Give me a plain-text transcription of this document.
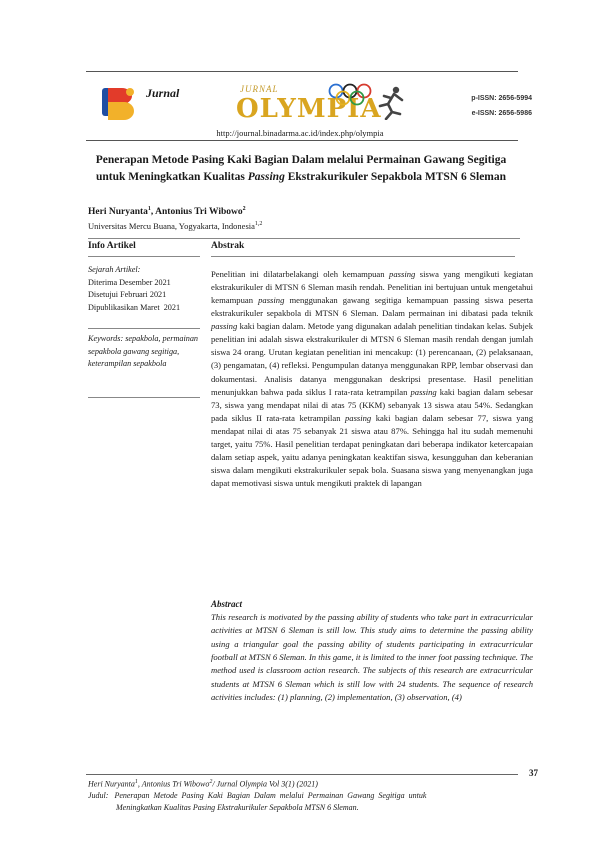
Jurnal	JURNAL
OLYMPIA	p-ISSN: 2656-5994
e-ISSN: 2656-5986
http://journal.binadarma.ac.id/index.php/olympia
Penerapan Metode Pasing Kaki Bagian Dalam melalui Permainan Gawang Segitiga
untuk Meningkatkan Kualitas Passing Ekstrakurikuler Sepakbola MTSN 6 Sleman
Heri Nuryanta$^1$, Antonius Tri Wibowo$^2$
Universitas Mercu Buana, Yogyakarta, Indonesia$^{1,2}$
Info Artikel	Abstrak
Sejarah Artikel:
Diterima Desember 2021
Disetujui Februari 2021
Dipublikasikan Maret  2021
Keywords: sepakbola, permainan sepakbola gawang segitiga, keterampilan sepakbola
Penelitian ini dilatarbelakangi oleh kemampuan passing siswa yang mengikuti kegiatan ekstrakurikuler di MTSN 6 Sleman masih rendah. Penelitian ini bertujuan untuk mengetahui kemampuan passing menggunakan gawang segitiga kemampuan passing siswa peserta ekstrakurikuler sepakbola di MTSN 6 Sleman. Dalam permainan ini dibatasi pada teknik passing kaki bagian dalam. Metode yang digunakan adalah penelitian tindakan kelas. Subjek penelitian ini adalah siswa ekstrakurikuler di MTSN 6 Sleman masih rendah dengan jumlah siswa 24 orang. Urutan kegiatan penelitian ini mencakup: (1) perencanaan, (2) pelaksanaan, (3) pengamatan, (4) refleksi. Pengumpulan datanya menggunakan RPP, lembar observasi dan dokumentasi. Analisis datanya menggunakan deskripsi presentase. Hasil penelitian menunjukkan bahwa pada siklus I rata-rata ketrampilan passing kaki bagian dalam sebesar 73, siswa yang mendapat nilai di atas 75 (KKM) sebanyak 13 siswa atau 54%. Sedangkan pada siklus II rata-rata ketrampilan passing kaki bagian dalam sebesar 77, siswa yang mendapat nilai di atas 75 sebanyak 21 siswa atau 87%. Sehingga hal itu sudah memenuhi target, yaitu 75%. Hasil penelitian terdapat peningkatan dari beberapa indikator ketercapaian dalam setiap aspek, yaitu adanya peningkatan keaktifan siswa, kesungguhan dan keberanian siswa dalam mengikuti ekstrakurikuler sepak bola. Suasana siswa yang menyenangkan juga dapat memotivasi siswa untuk mengikuti praktek di lapangan
Abstract
This research is motivated by the passing ability of students who take part in extracurricular activities at MTSN 6 Sleman is still low. This study aims to determine the passing ability using a triangular goal the passing ability of students participating in extracurricular football at MTSN 6 Sleman. In this game, it is limited to the inner foot passing technique. The method used is classroom action research. The subjects of this research are extracurricular students at MTSN 6 Sleman which is still low with 24 students. The sequence of research activities includes: (1) planning, (2) implementation, (3) observation, (4)
37
Heri Nuryanta$^1$, Antonius Tri Wibowo$^2$/ Jurnal Olympia Vol 3(1) (2021)
Judul:   Penerapan  Metode  Pasing  Kaki  Bagian  Dalam  melalui  Permainan  Gawang  Segitiga  untuk
Meningkatkan Kualitas Pasing Ekstrakurikuler Sepakbola MTSN 6 Sleman.
